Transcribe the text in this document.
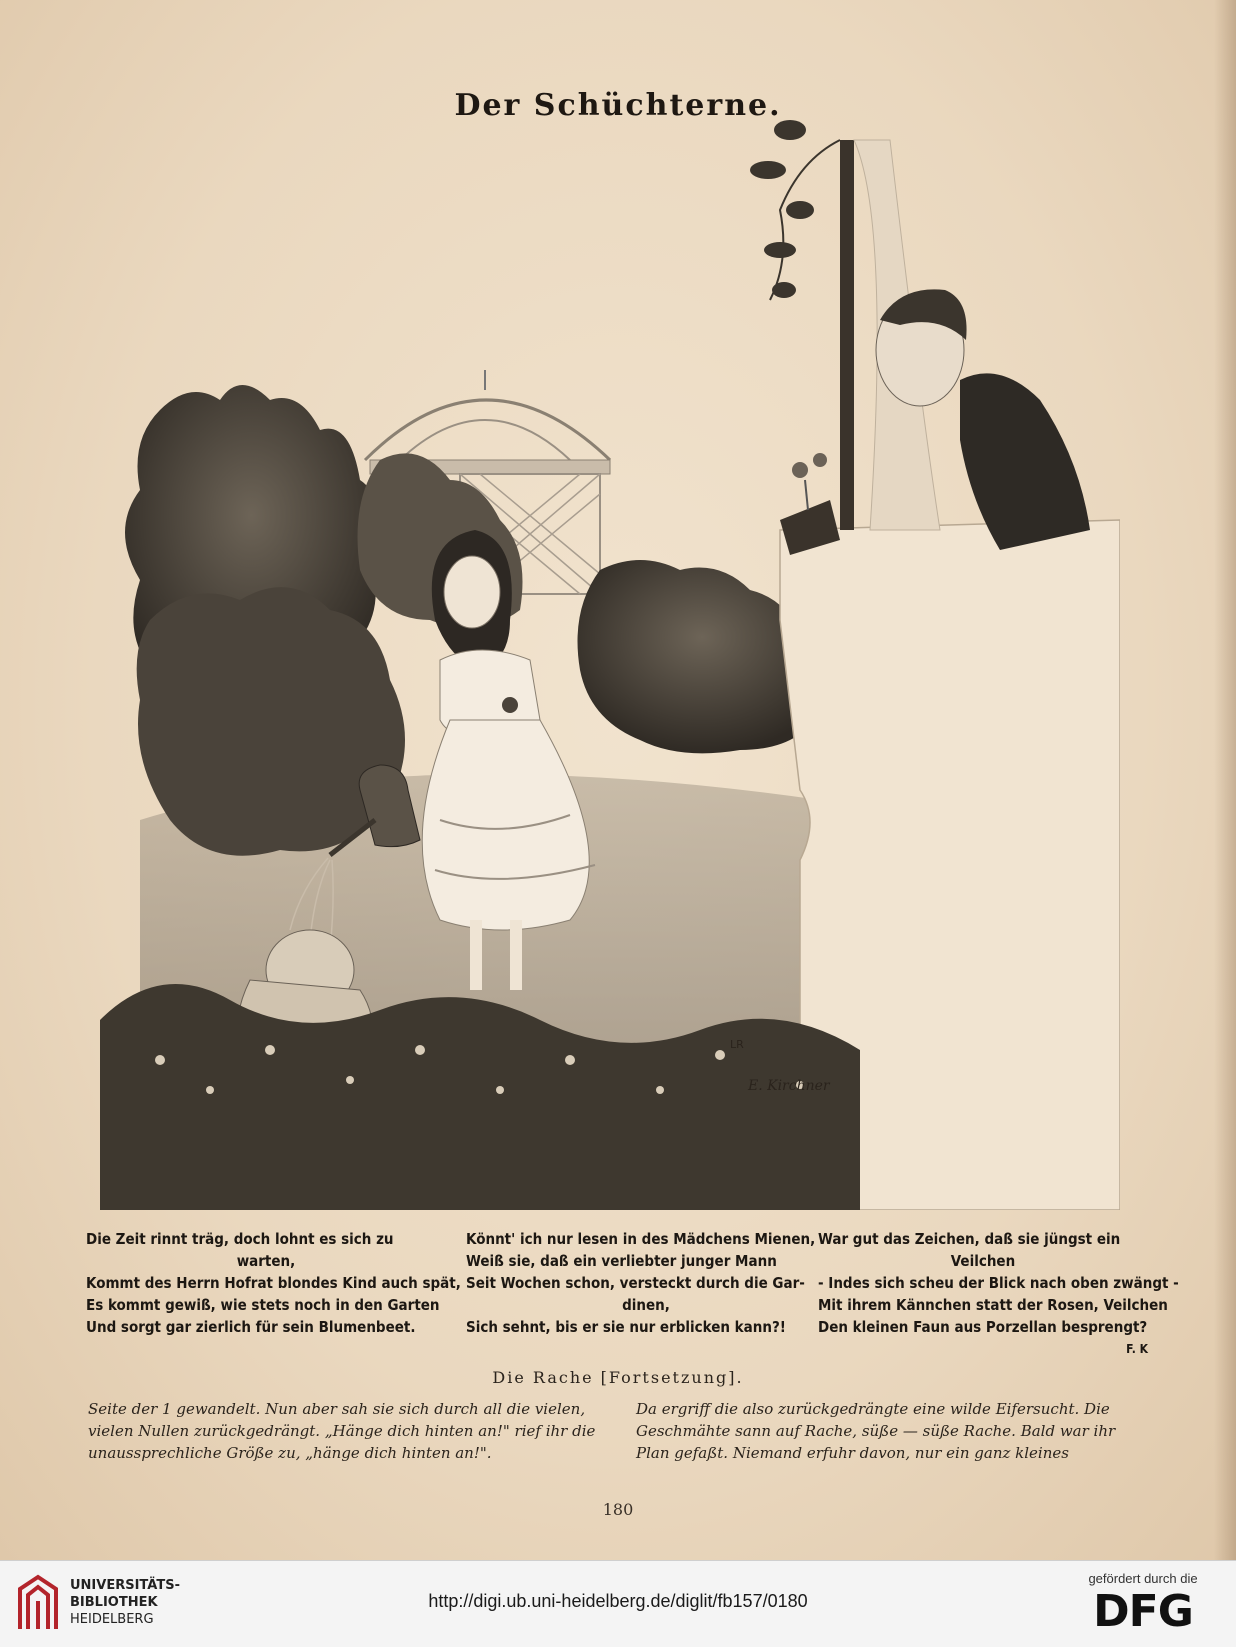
Der Schüchterne.
E. Kirchner
LR
Die Zeit rinnt träg, doch lohnt es sich zu
warten,
Kommt des Herrn Hofrat blondes Kind auch spät,
Es kommt gewiß, wie stets noch in den Garten
Und sorgt gar zierlich für sein Blumenbeet.
Könnt' ich nur lesen in des Mädchens Mienen,
Weiß sie, daß ein verliebter junger Mann
Seit Wochen schon, versteckt durch die Gar-
dinen,
Sich sehnt, bis er sie nur erblicken kann?!
War gut das Zeichen, daß sie jüngst ein
Veilchen
- Indes sich scheu der Blick nach oben zwängt -
Mit ihrem Kännchen statt der Rosen, Veilchen
Den kleinen Faun aus Porzellan besprengt?
F. K
Die Rache [Fortsetzung].
Seite der 1 gewandelt. Nun aber sah sie sich durch all die vielen,
vielen Nullen zurückgedrängt. „Hänge dich hinten an!" rief ihr die
unaussprechliche Größe zu, „hänge dich hinten an!".
Da ergriff die also zurückgedrängte eine wilde Eifersucht. Die
Geschmähte sann auf Rache, süße — süße Rache. Bald war ihr
Plan gefaßt. Niemand erfuhr davon, nur ein ganz kleines
180
UNIVERSITÄTS-
BIBLIOTHEK
HEIDELBERG
http://digi.ub.uni-heidelberg.de/diglit/fb157/0180
gefördert durch die
DFG
